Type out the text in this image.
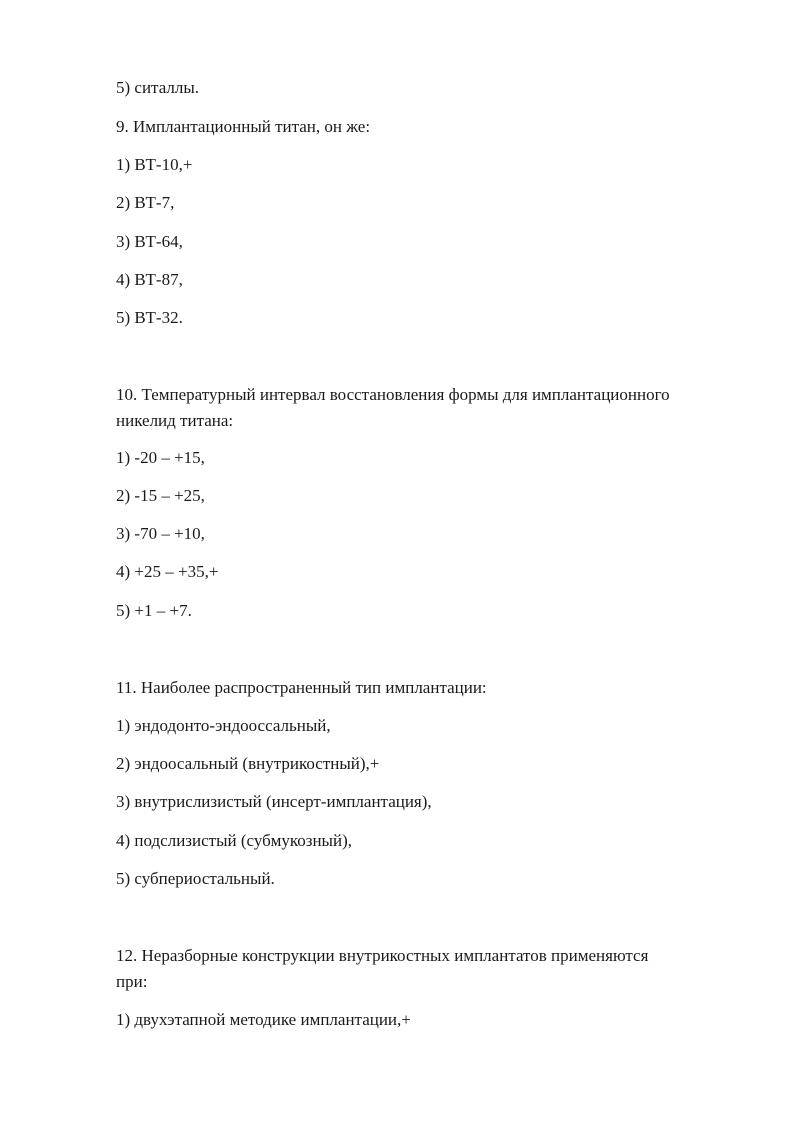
5) ситаллы.
9. Имплантационный титан, он же:
1) ВТ-10,+
2) ВТ-7,
3) ВТ-64,
4) ВТ-87,
5) ВТ-32.
10. Температурный интервал восстановления формы для имплантационного
никелид титана:
1) -20 – +15,
2) -15 – +25,
3) -70 – +10,
4) +25 – +35,+
5) +1 – +7.
11. Наиболее распространенный тип имплантации:
1) эндодонто-эндооссальный,
2) эндоосальный (внутрикостный),+
3) внутрислизистый (инсерт-имплантация),
4) подслизистый (субмукозный),
5) субпериостальный.
12. Неразборные конструкции внутрикостных имплантатов применяются
при:
1) двухэтапной методике имплантации,+
